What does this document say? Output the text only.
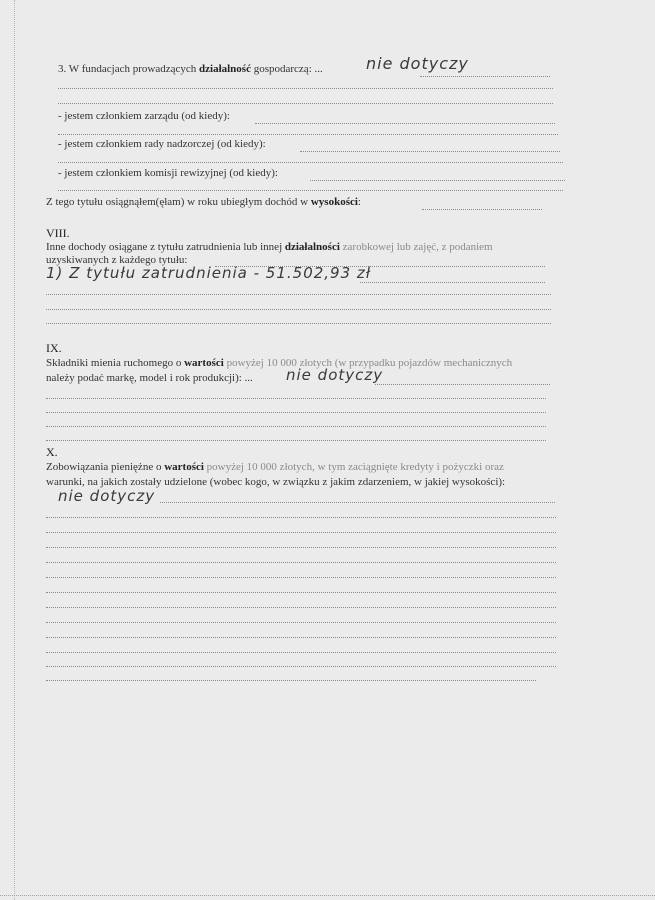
3. W fundacjach prowadzących działalność gospodarczą: ...	nie dotyczy
- jestem członkiem zarządu (od kiedy):
- jestem członkiem rady nadzorczej (od kiedy):
- jestem członkiem komisji rewizyjnej (od kiedy):
Z tego tytułu osiągnąłem(ęłam) w roku ubiegłym dochód w wysokości:
VIII.
Inne dochody osiągane z tytułu zatrudnienia lub innej działalności zarobkowej lub zajęć, z podaniem
uzyskiwanych z każdego tytułu:
1) Z tytułu zatrudnienia - 51.502,93 zł
IX.
Składniki mienia ruchomego o wartości powyżej 10 000 złotych (w przypadku pojazdów mechanicznych
należy podać markę, model i rok produkcji): ... nie dotyczy
X.
Zobowiązania pieniężne o wartości powyżej 10 000 złotych, w tym zaciągnięte kredyty i pożyczki oraz
warunki, na jakich zostały udzielone (wobec kogo, w związku z jakim zdarzeniem, w jakiej wysokości):
nie dotyczy
